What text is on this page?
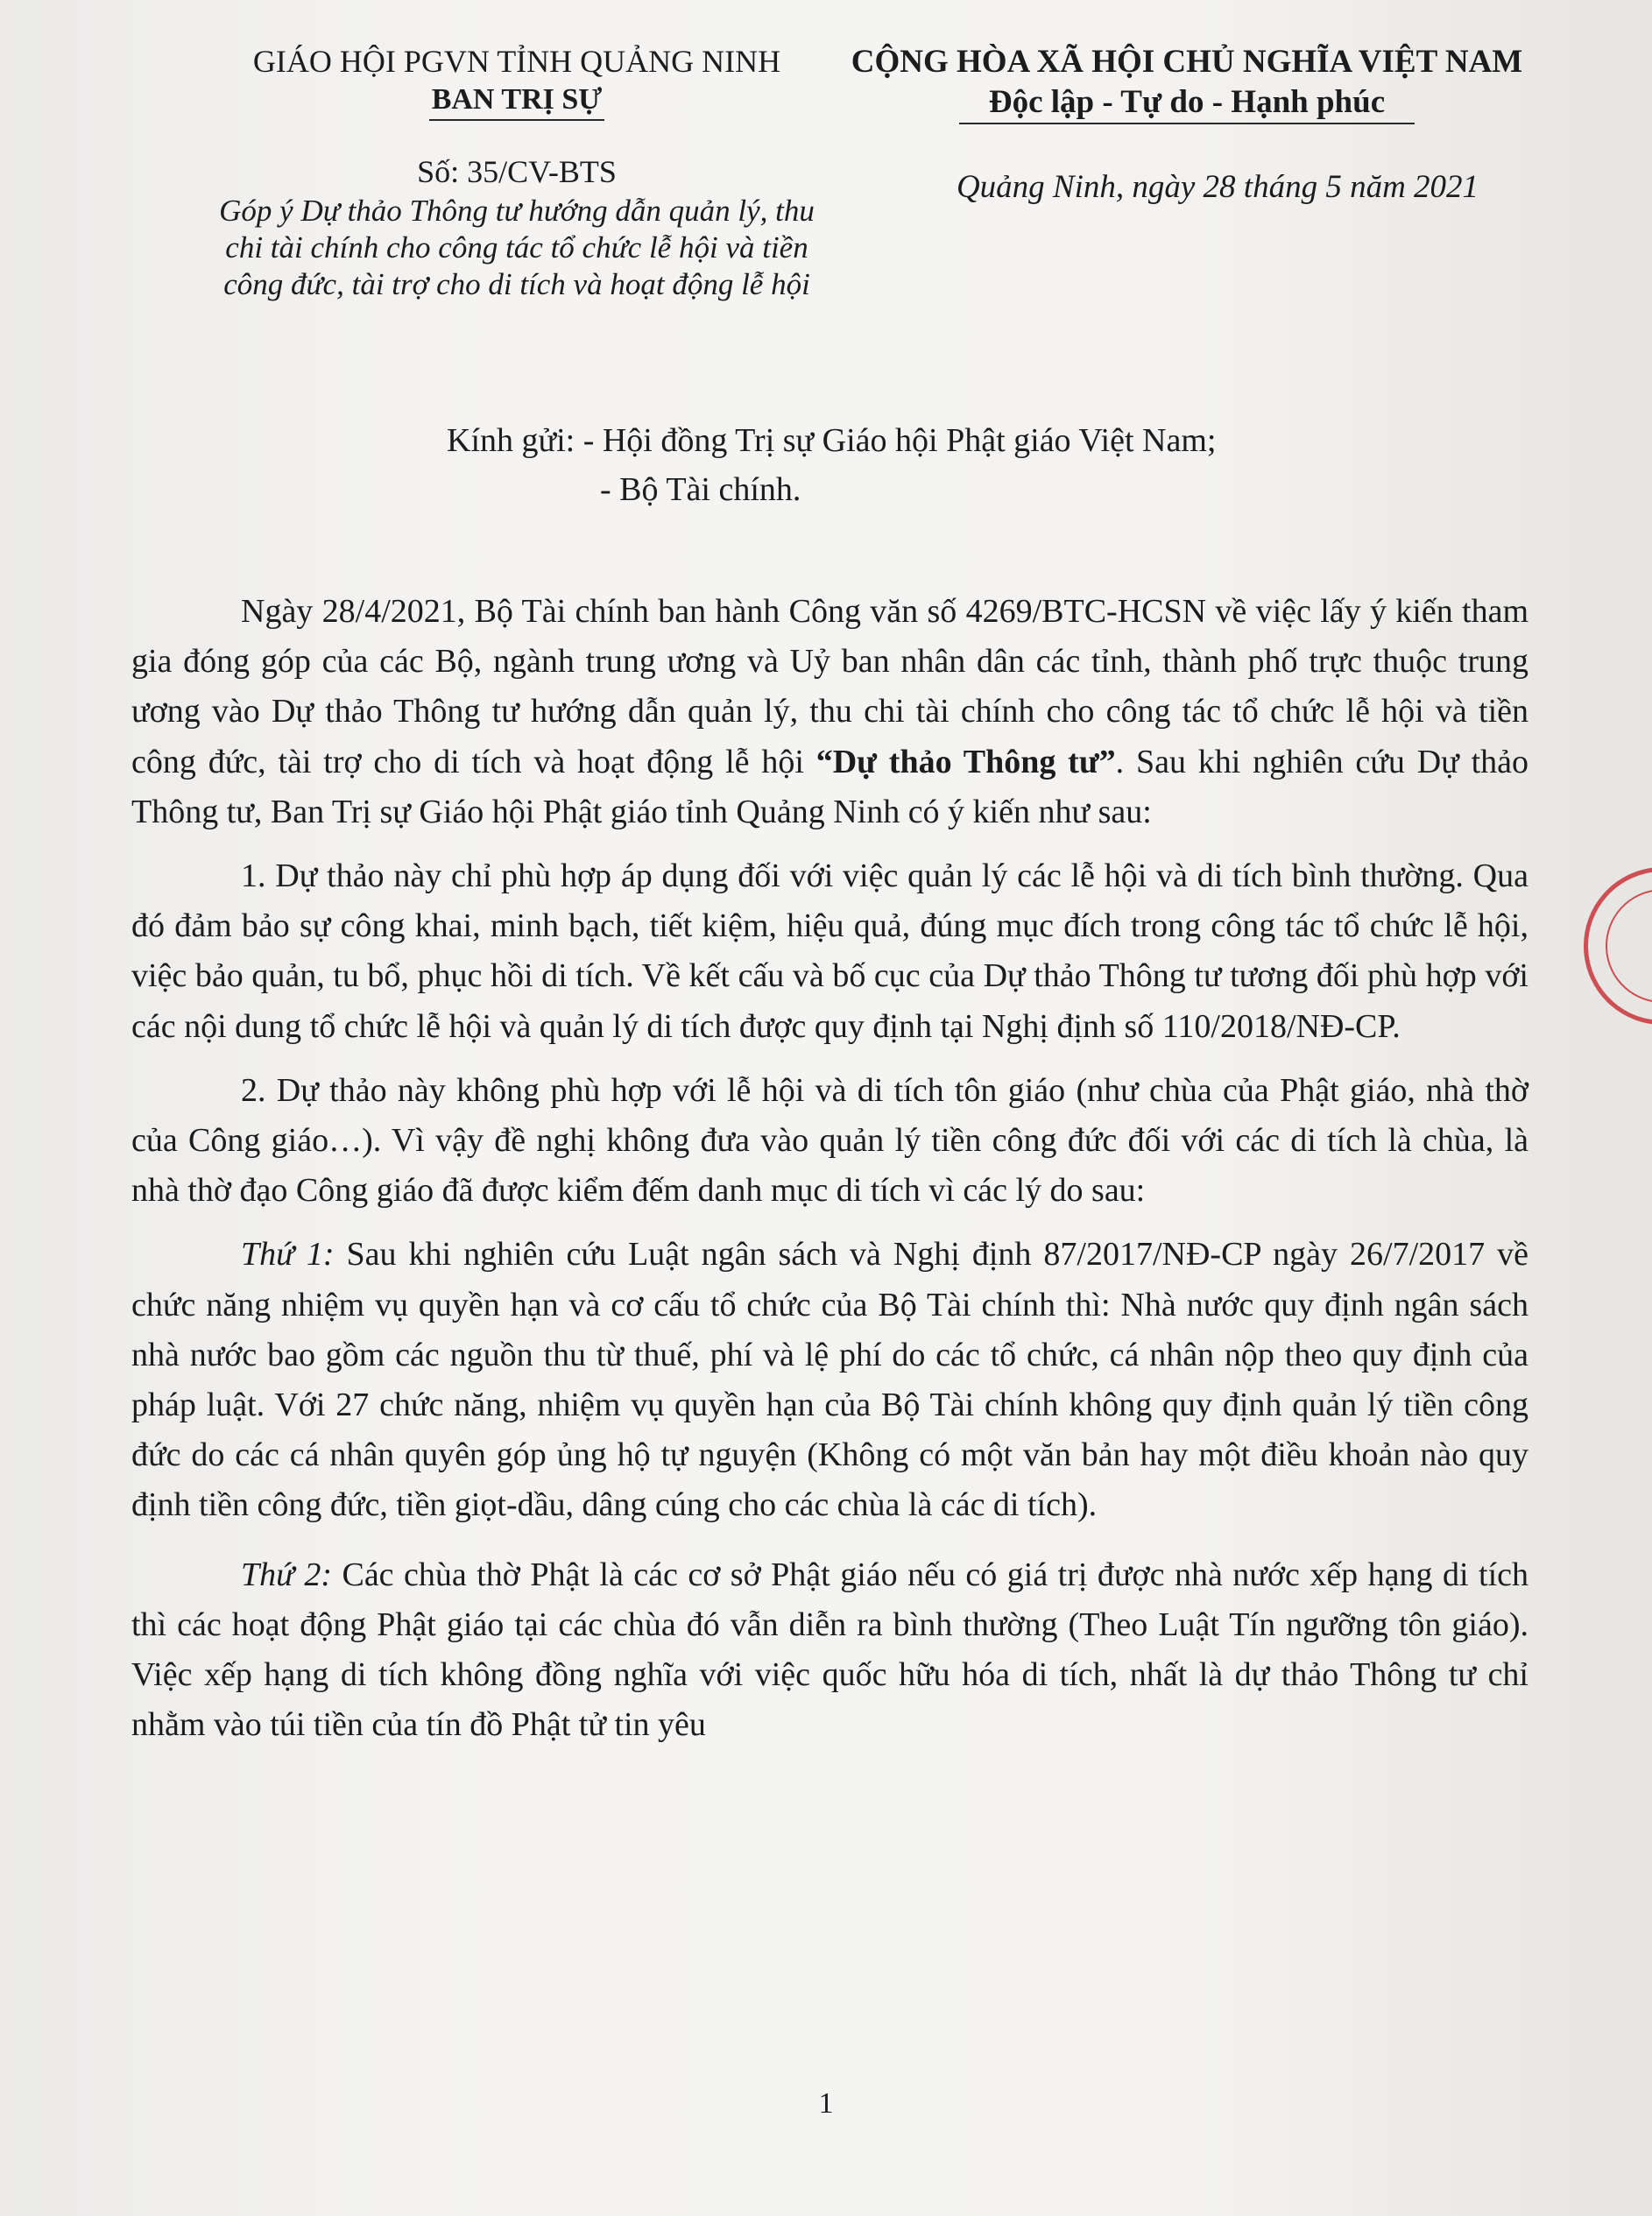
GIÁO HỘI PGVN TỈNH QUẢNG NINH
BAN TRỊ SỰ
CỘNG HÒA XÃ HỘI CHỦ NGHĨA VIỆT NAM
Độc lập - Tự do - Hạnh phúc
Số: 35/CV-BTS
Góp ý Dự thảo Thông tư hướng dẫn quản lý, thu chi tài chính cho công tác tổ chức lễ hội và tiền công đức, tài trợ cho di tích và hoạt động lễ hội
Quảng Ninh, ngày 28 tháng 5 năm 2021
Kính gửi: - Hội đồng Trị sự Giáo hội Phật giáo Việt Nam;
- Bộ Tài chính.

Ngày 28/4/2021, Bộ Tài chính ban hành Công văn số 4269/BTC-HCSN về việc lấy ý kiến tham gia đóng góp của các Bộ, ngành trung ương và Uỷ ban nhân dân các tỉnh, thành phố trực thuộc trung ương vào Dự thảo Thông tư hướng dẫn quản lý, thu chi tài chính cho công tác tổ chức lễ hội và tiền công đức, tài trợ cho di tích và hoạt động lễ hội “Dự thảo Thông tư”. Sau khi nghiên cứu Dự thảo Thông tư, Ban Trị sự Giáo hội Phật giáo tỉnh Quảng Ninh có ý kiến như sau:

1. Dự thảo này chỉ phù hợp áp dụng đối với việc quản lý các lễ hội và di tích bình thường. Qua đó đảm bảo sự công khai, minh bạch, tiết kiệm, hiệu quả, đúng mục đích trong công tác tổ chức lễ hội, việc bảo quản, tu bổ, phục hồi di tích. Về kết cấu và bố cục của Dự thảo Thông tư tương đối phù hợp với các nội dung tổ chức lễ hội và quản lý di tích được quy định tại Nghị định số 110/2018/NĐ-CP.

2. Dự thảo này không phù hợp với lễ hội và di tích tôn giáo (như chùa của Phật giáo, nhà thờ của Công giáo…). Vì vậy đề nghị không đưa vào quản lý tiền công đức đối với các di tích là chùa, là nhà thờ đạo Công giáo đã được kiểm đếm danh mục di tích vì các lý do sau:

Thứ 1: Sau khi nghiên cứu Luật ngân sách và Nghị định 87/2017/NĐ-CP ngày 26/7/2017 về chức năng nhiệm vụ quyền hạn và cơ cấu tổ chức của Bộ Tài chính thì: Nhà nước quy định ngân sách nhà nước bao gồm các nguồn thu từ thuế, phí và lệ phí do các tổ chức, cá nhân nộp theo quy định của pháp luật. Với 27 chức năng, nhiệm vụ quyền hạn của Bộ Tài chính không quy định quản lý tiền công đức do các cá nhân quyên góp ủng hộ tự nguyện (Không có một văn bản hay một điều khoản nào quy định tiền công đức, tiền giọt-dầu, dâng cúng cho các chùa là các di tích).

Thứ 2: Các chùa thờ Phật là các cơ sở Phật giáo nếu có giá trị được nhà nước xếp hạng di tích thì các hoạt động Phật giáo tại các chùa đó vẫn diễn ra bình thường (Theo Luật Tín ngưỡng tôn giáo). Việc xếp hạng di tích không đồng nghĩa với việc quốc hữu hóa di tích, nhất là dự thảo Thông tư chỉ nhằm vào túi tiền của tín đồ Phật tử tin yêu

1
